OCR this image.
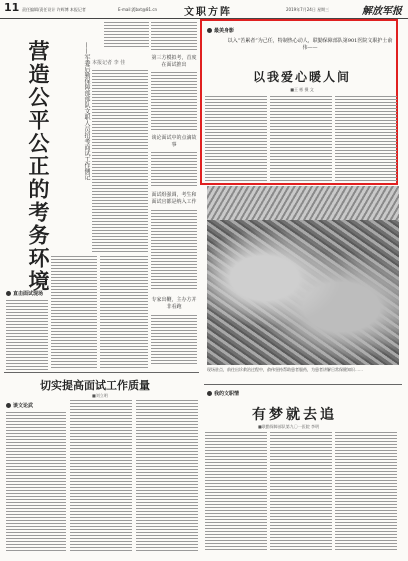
11 责任编辑/责任设计 许辉博 本报记者	E-mail:jfjbxt@81.cn	文职方阵	2019年7月24日 星期三	解放军报
营造公平公正的考务环境	——军委后勤保障部部队文职人员招考面试工作侧记 本报记者 李 佳
第三方模拟考，首度在面试推出
谈论面试中的点滴故事
面试组强调，考生和面试官都是纳入工作
专家出鞭，主办方并非看跑
直击面试现场
切实提高面试工作质量
■刘立明
谈文论武
最美身影
以入“苦累者”为己任，特制热心动人，联勤保障部队第901医院文职护士俞伟——
以我爱心暖人间
■王 彬 摄 文
现场驻点，前往出诊救治过程中，俞伟坚持帮助患者服药，为患者讲解日常保健知识……
我的文职情
有梦就去追
■联勤保障部队第九〇一医院 李明
